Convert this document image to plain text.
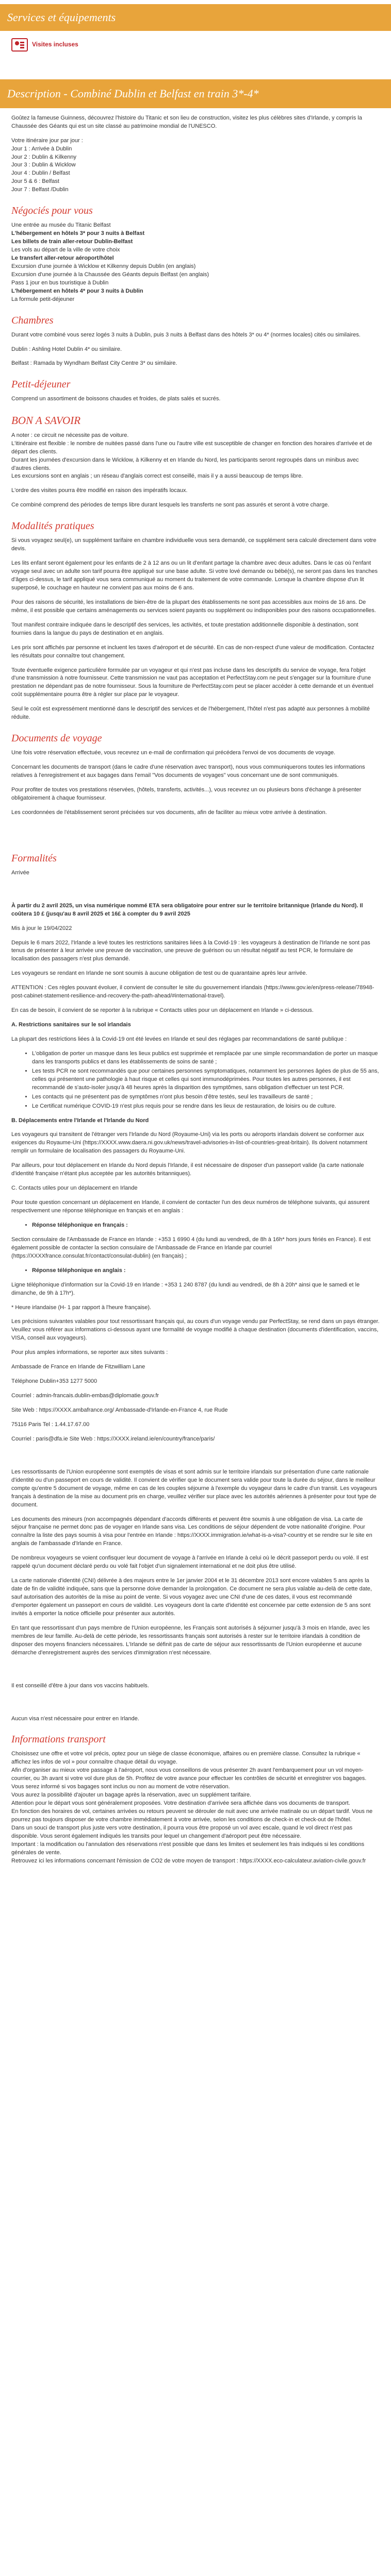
Services et équipements
Visites incluses
Description - Combiné Dublin et Belfast en train 3*-4*

Goûtez la fameuse Guinness, découvrez l'histoire du Titanic et son lieu de construction, visitez les plus célèbres sites d'Irlande, y compris la Chaussée des Géants qui est un site classé au patrimoine mondial de l'UNESCO.

Votre itinéraire jour par jour :
Jour 1 : Arrivée à Dublin
Jour 2 : Dublin & Kilkenny
Jour 3 : Dublin & Wicklow
Jour 4 : Dublin / Belfast
Jour 5 & 6 : Belfast
Jour 7 : Belfast /Dublin
Négociés pour vous
Une entrée au musée du Titanic Belfast
L'hébergement en hôtels 3* pour 3 nuits à Belfast
Les billets de train aller-retour Dublin-Belfast
Les vols au départ de la ville de votre choix
Le transfert aller-retour aéroport/hôtel
Excursion d'une journée à Wicklow et Kilkenny depuis Dublin (en anglais)
Excursion d'une journée à la Chaussée des Géants depuis Belfast (en anglais)
Pass 1 jour en bus touristique à Dublin
L'hébergement en hôtels 4* pour 3 nuits à Dublin
La formule petit-déjeuner
Chambres

Durant votre combiné vous serez logés 3 nuits à Dublin, puis 3 nuits à Belfast dans des hôtels 3* ou 4* (normes locales) cités ou similaires.

Dublin : Ashling Hotel Dublin 4* ou similaire.

Belfast : Ramada by Wyndham Belfast City Centre 3* ou similaire.

Petit-déjeuner

Comprend un assortiment de boissons chaudes et froides, de plats salés et sucrés.

BON A SAVOIR
A noter : ce circuit ne nécessite pas de voiture.
L'itinéraire est flexible : le nombre de nuitées passé dans l'une ou l'autre ville est susceptible de changer en fonction des horaires d'arrivée et de départ des clients.
Durant les journées d'excursion dans le Wicklow, à Kilkenny et en Irlande du Nord, les participants seront regroupés dans un minibus avec d'autres clients.
Les excursions sont en anglais ; un réseau d'anglais correct est conseillé, mais il y a aussi beaucoup de temps libre.

L'ordre des visites pourra être modifié en raison des impératifs locaux.

Ce combiné comprend des périodes de temps libre durant lesquels les transferts ne sont pas assurés et seront à votre charge.

Modalités pratiques

Si vous voyagez seul(e), un supplément tarifaire en chambre individuelle vous sera demandé, ce supplément sera calculé directement dans votre devis.

Les lits enfant seront également pour les enfants de 2 à 12 ans ou un lit d'enfant partage la chambre avec deux adultes. Dans le cas où l'enfant voyage seul avec un adulte son tarif pourra être appliqué sur une base adulte. Si votre lové demande ou bébé(s), ne seront pas dans les tranches d'âges ci-dessus, le tarif appliqué vous sera communiqué au moment du traitement de votre commande. Lorsque la chambre dispose d'un lit superposé, le couchage en hauteur ne convient pas aux moins de 6 ans.

Pour des raisons de sécurité, les installations de bien-être de la plupart des établissements ne sont pas accessibles aux moins de 16 ans. De même, il est possible que certains aménagements ou services soient payants ou supplément ou indisponibles pour des raisons occupationnelles.

Tout manifest contraire indiquée dans le descriptif des services, les activités, et toute prestation additionnelle disponible à destination, sont fournies dans la langue du pays de destination et en anglais.

Les prix sont affichés par personne et incluent les taxes d'aéroport et de sécurité. En cas de non-respect d'une valeur de modification. Contactez les résultats pour connaître tout changement.

Toute éventuelle exigence particulière formulée par un voyageur et qui n'est pas incluse dans les descriptifs du service de voyage, fera l'objet d'une transmission à notre fournisseur. Cette transmission ne vaut pas acceptation et PerfectStay.com ne peut s'engager sur la fourniture d'une prestation ne dépendant pas de notre fournisseur. Sous la fourniture de PerfectStay.com peut se placer accéder à cette demande et un éventuel coût supplémentaire pourra être à régler sur place par le voyageur.

Seul le coût est expressément mentionné dans le descriptif des services et de l'hébergement, l'hôtel n'est pas adapté aux personnes à mobilité réduite.

Documents de voyage

Une fois votre réservation effectuée, vous recevrez un e-mail de confirmation qui précédera l'envoi de vos documents de voyage.

Concernant les documents de transport (dans le cadre d'une réservation avec transport), nous vous communiquerons toutes les informations relatives à l'enregistrement et aux bagages dans l'email "Vos documents de voyages" vous concernant une de sont communiqués.

Pour profiter de toutes vos prestations réservées, (hôtels, transferts, activités...), vous recevrez un ou plusieurs bons d'échange à présenter obligatoirement à chaque fournisseur.

Les coordonnées de l'établissement seront précisées sur vos documents, afin de faciliter au mieux votre arrivée à destination.

Formalités

Arrivée

À partir du 2 avril 2025, un visa numérique nommé ETA sera obligatoire pour entrer sur le territoire britannique (Irlande du Nord). Il coûtera 10 £ (jusqu'au 8 avril 2025 et 16£ à compter du 9 avril 2025

Mis à jour le 19/04/2022

Depuis le 6 mars 2022, l'Irlande a levé toutes les restrictions sanitaires liées à la Covid-19 : les voyageurs à destination de l'Irlande ne sont pas tenus de présenter à leur arrivée une preuve de vaccination, une preuve de guérison ou un résultat négatif au test PCR, le formulaire de localisation des passagers n'est plus demandé.

Les voyageurs se rendant en Irlande ne sont soumis à aucune obligation de test ou de quarantaine après leur arrivée.

ATTENTION : Ces règles pouvant évoluer, il convient de consulter le site du gouvernement irlandais (https://www.gov.ie/en/press-release/78948-post-cabinet-statement-resilience-and-recovery-the-path-ahead/#international-travel).

En cas de besoin, il convient de se reporter à la rubrique « Contacts utiles pour un déplacement en Irlande » ci-dessous.

A. Restrictions sanitaires sur le sol irlandais

La plupart des restrictions liées à la Covid-19 ont été levées en Irlande et seul des réglages par recommandations de santé publique :

• L'obligation de porter un masque dans les lieux publics est supprimée et remplacée par une simple recommandation de porter un masque dans les transports publics et dans les établissements de soins de santé ;
• Les tests PCR ne sont recommandés que pour certaines personnes symptomatiques, notamment les personnes âgées de plus de 55 ans, celles qui présentent une pathologie à haut risque et celles qui sont immunodéprimées. Pour toutes les autres personnes, il est recommandé de s'auto-isoler jusqu'à 48 heures après la disparition des symptômes, sans obligation d'effectuer un test PCR.
• Les contacts qui ne présentent pas de symptômes n'ont plus besoin d'être testés, seul les travailleurs de santé ;
• Le Certificat numérique COVID-19 n'est plus requis pour se rendre dans les lieux de restauration, de loisirs ou de culture.

B. Déplacements entre l'Irlande et l'Irlande du Nord

Les voyageurs qui transitent de l'étranger vers l'Irlande du Nord (Royaume-Uni) via les ports ou aéroports irlandais doivent se conformer aux exigences du Royaume-Uni (https://XXXX.www.daera.ni.gov.uk/news/travel-advisories-in-list-of-countries-great-britain). Ils doivent notamment remplir un formulaire de localisation des passagers du Royaume-Uni.

Par ailleurs, pour tout déplacement en Irlande du Nord depuis l'Irlande, il est nécessaire de disposer d'un passeport valide (la carte nationale d'identité française n'étant plus acceptée par les autorités britanniques).

C. Contacts utiles pour un déplacement en Irlande

Pour toute question concernant un déplacement en Irlande, il convient de contacter l'un des deux numéros de téléphone suivants, qui assurent respectivement une réponse téléphonique en français et en anglais :

• Réponse téléphonique en français :

Section consulaire de l'Ambassade de France en Irlande : +353 1 6990 4 (du lundi au vendredi, de 8h à 16h* hors jours fériés en France). Il est également possible de contacter la section consulaire de l'Ambassade de France en Irlande par courriel (https://XXXXfrance.consulat.fr/contact/consulat-dublin) (en français) ;

• Réponse téléphonique en anglais :

Ligne téléphonique d'information sur la Covid-19 en Irlande : +353 1 240 8787 (du lundi au vendredi, de 8h à 20h* ainsi que le samedi et le dimanche, de 9h à 17h*).

* Heure irlandaise (H- 1 par rapport à l'heure française).

Les précisions suivantes valables pour tout ressortissant français qui, au cours d'un voyage vendu par PerfectStay, se rend dans un pays étranger. Veuillez vous référer aux informations ci-dessous ayant une formalité de voyage modifié à chaque destination (documents d'identification, vaccins, VISA, conseil aux voyageurs).

Pour plus amples informations, se reporter aux sites suivants :

Ambassade de France en Irlande de Fitzwilliam Lane

Téléphone Dublin+353 1277 5000

Courriel : admin-francais.dublin-embas@diplomatie.gouv.fr

Site Web : https://XXXX.ambafrance.org/ Ambassade-d'Irlande-en-France 4, rue Rude

75116 Paris Tel : 1.44.17.67.00

Courriel : paris@dfa.ie Site Web : https://XXXX.ireland.ie/en/country/france/paris/

Les ressortissants de l'Union européenne sont exemptés de visas et sont admis sur le territoire irlandais sur présentation d'une carte nationale d'identité ou d'un passeport en cours de validité. Il convient de vérifier que le document sera valide pour toute la durée du séjour, dans le meilleur compte qu'entre 5 document de voyage, même en cas de les couples séjourne à l'exemple du voyageur dans le cadre d'un transit. Les voyageurs français à destination de la mise au document pris en charge, veuillez vérifier sur place avec les autorités aériennes à présenter pour tout type de document.

Les documents des mineurs (non accompagnés dépendant d'accords différents et peuvent être soumis à une obligation de visa. La carte de séjour française ne permet donc pas de voyager en Irlande sans visa. Les conditions de séjour dépendent de votre nationalité d'origine. Pour connaître la liste des pays soumis à visa pour l'entrée en Irlande : https://XXXX.immigration.ie/what-is-a-visa?-country et se rendre sur le site en anglais de l'ambassade d'Irlande en France.

De nombreux voyageurs se voient confisquer leur document de voyage à l'arrivée en Irlande à celui où le décrit passeport perdu ou volé. Il est rappelé qu'un document déclaré perdu ou volé fait l'objet d'un signalement international et ne doit plus être utilisé.

La carte nationale d'identité (CNI) délivrée à des majeurs entre le 1er janvier 2004 et le 31 décembre 2013 sont encore valables 5 ans après la date de fin de validité indiquée, sans que la personne doive demander la prolongation. Ce document ne sera plus valable au-delà de cette date, sauf autorisation des autorités de la mise au point de vente. Si vous voyagez avec une CNI d'une de ces dates, il vous est recommandé d'emporter également un passeport en cours de validité. Les voyageurs dont la carte d'identité est concernée par cette extension de 5 ans sont invités à emporter la notice officielle pour présenter aux autorités.

En tant que ressortissant d'un pays membre de l'Union européenne, les Français sont autorisés à séjourner jusqu'à 3 mois en Irlande, avec les membres de leur famille. Au-delà de cette période, les ressortissants français sont autorisés à rester sur le territoire irlandais à condition de disposer des moyens financiers nécessaires. L'Irlande se définit pas de carte de séjour aux ressortissants de l'Union européenne et aucune démarche d'enregistrement auprès des services d'immigration n'est nécessaire.

Il est conseillé d'être à jour dans vos vaccins habituels.

Aucun visa n'est nécessaire pour entrer en Irlande.

Informations transport
Choisissez une offre et votre vol précis, optez pour un siège de classe économique, affaires ou en première classe. Consultez la rubrique « affichez les infos de vol » pour connaître chaque détail du voyage.
Afin d'organiser au mieux votre passage à l'aéroport, nous vous conseillons de vous présenter 2h avant l'embarquement pour un vol moyen-courrier, ou 3h avant si votre vol dure plus de 5h. Profitez de votre avance pour effectuer les contrôles de sécurité et enregistrer vos bagages.
Vous serez informé si vos bagages sont inclus ou non au moment de votre réservation.
Vous aurez la possibilité d'ajouter un bagage après la réservation, avec un supplément tarifaire.
Attention pour le départ vous sont généralement proposées. Votre destination d'arrivée sera affichée dans vos documents de transport.
En fonction des horaires de vol, certaines arrivées ou retours peuvent se dérouler de nuit avec une arrivée matinale ou un départ tardif. Vous ne pourrez pas toujours disposer de votre chambre immédiatement à votre arrivée, selon les conditions de check-in et check-out de l'hôtel.
Dans un souci de transport plus juste vers votre destination, il pourra vous être proposé un vol avec escale, quand le vol direct n'est pas disponible. Vous seront également indiqués les transits pour lequel un changement d'aéroport peut être nécessaire.
Important : la modification ou l'annulation des réservations n'est possible que dans les limites et seulement les frais indiqués si les conditions générales de vente.
Retrouvez ici les informations concernant l'émission de CO2 de votre moyen de transport : https://XXXX.eco-calculateur.aviation-civile.gouv.fr
